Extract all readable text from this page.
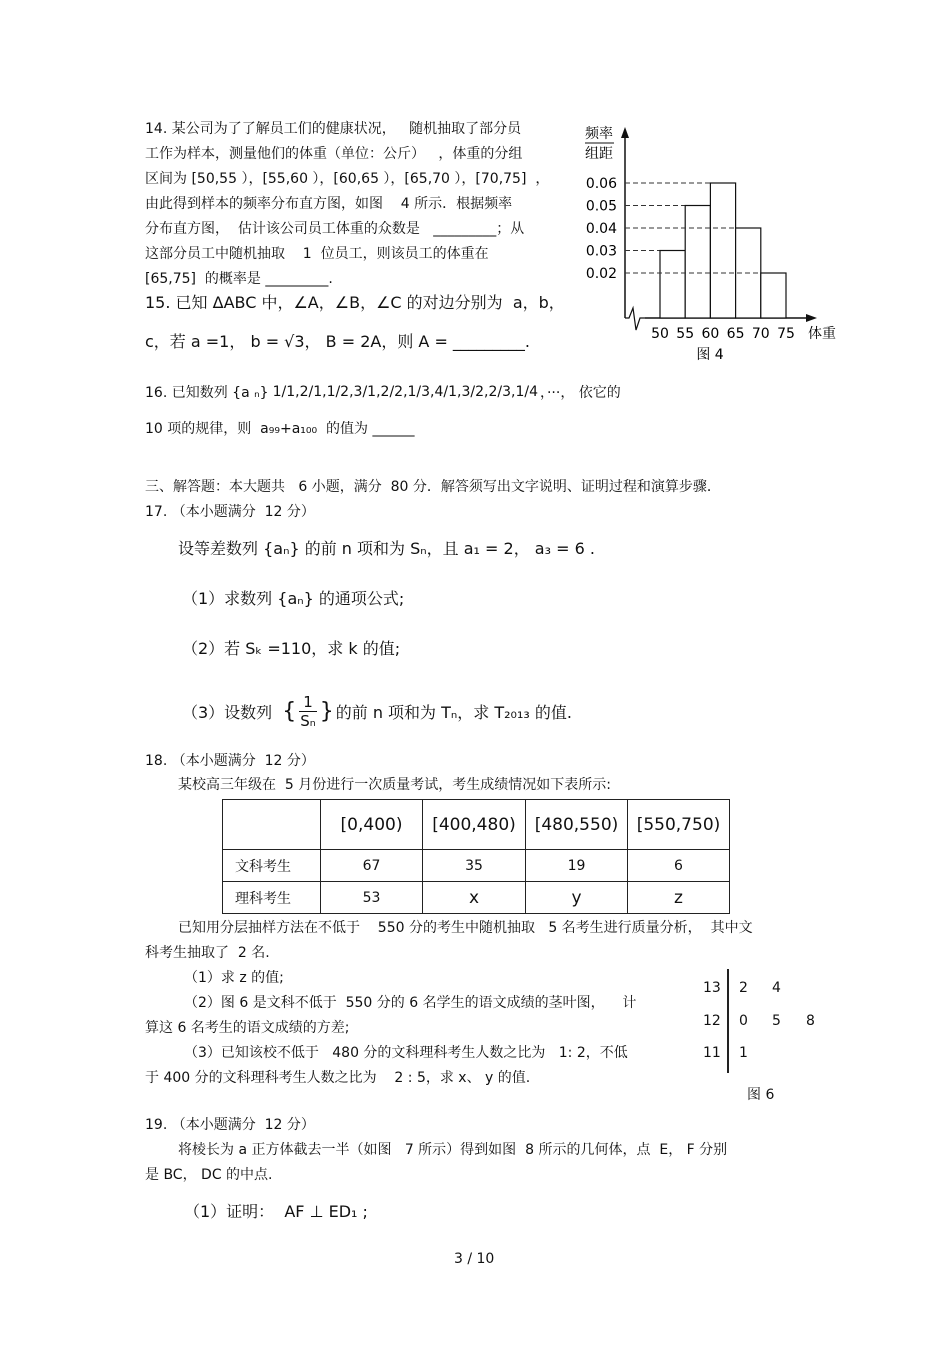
14. 某公司为了了解员工们的健康状况，   随机抽取了部分员
工作为样本，测量他们的体重（单位：公斤）   ，体重的分组
区间为 [50,55 ），[55,60 ），[60,65 ），[65,70 ），[70,75]  ，
由此得到样本的频率分布直方图，如图    4 所示．根据频率
分布直方图，  估计该公司员工体重的众数是   _________；从
这部分员工中随机抽取    1  位员工，则该员工的体重在
[65,75]  的概率是 _________.
频率
组距
0.02
0.03
0.04
0.05
0.06
50 55 60 65 70 75 体重
图 4
15. 已知 ΔABC 中，∠A，∠B，∠C 的对边分别为  a，b，
c，若 a =1， b = √3， B = 2A，则 A = _________.
16. 已知数列 {a ₙ} 1/1 , 2/1 , 1/2 , 3/1 , 2/2 , 1/3 , 4/1 , 3/2 , 2/3 , 1/4 ，···， 依它的
10 项的规律，则  a₉₉+a₁₀₀  的值为 ______
三、解答题：本大题共   6 小题，满分  80 分．解答须写出文字说明、证明过程和演算步骤．
17. （本小题满分  12 分）
设等差数列 {aₙ} 的前 n 项和为 Sₙ，且 a₁ = 2， a₃ = 6 .
（1）求数列 {aₙ} 的通项公式;
（2）若 Sₖ =110，求 k 的值;
（3）设数列 { $\frac{1}{\text{Sₙ}}$ } 的前 n 项和为 Tₙ，求 T₂₀₁₃ 的值.
18. （本小题满分  12 分）
某校高三年级在  5 月份进行一次质量考试，考生成绩情况如下表所示:
	[0,400)	[400,480)	[480,550)	[550,750)
文科考生	67	35	19	6
理科考生	53	x	y	z
已知用分层抽样方法在不低于    550 分的考生中随机抽取   5 名考生进行质量分析，  其中文
科考生抽取了  2 名.
（1）求 z 的值;
（2）图 6 是文科不低于  550 分的 6 名学生的语文成绩的茎叶图，    计
算这 6 名考生的语文成绩的方差;
（3）已知该校不低于   480 分的文科理科考生人数之比为   1: 2，不低
于 400 分的文科理科考生人数之比为    2 : 5，求 x、 y 的值.
13 2 4
12 0 5 8
11 1
图 6
19. （本小题满分  12 分）
将棱长为 a 正方体截去一半（如图   7 所示）得到如图  8 所示的几何体，点  E， F 分别
是 BC， DC 的中点.
（1）证明：  AF ⊥ ED₁ ;
3 / 10
